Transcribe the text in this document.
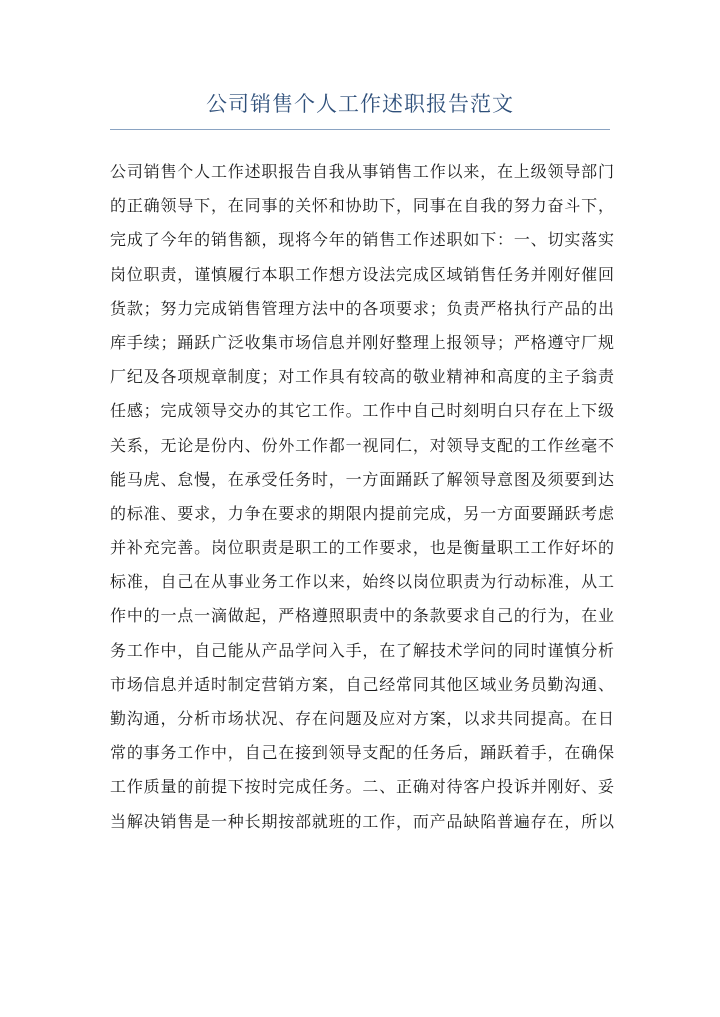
公司销售个人工作述职报告范文
公司销售个人工作述职报告自我从事销售工作以来，在上级领导部门
的正确领导下，在同事的关怀和协助下，同事在自我的努力奋斗下，
完成了今年的销售额，现将今年的销售工作述职如下：一、切实落实
岗位职责，谨慎履行本职工作想方设法完成区域销售任务并刚好催回
货款；努力完成销售管理方法中的各项要求；负责严格执行产品的出
库手续；踊跃广泛收集市场信息并刚好整理上报领导；严格遵守厂规
厂纪及各项规章制度；对工作具有较高的敬业精神和高度的主子翁责
任感；完成领导交办的其它工作。工作中自己时刻明白只存在上下级
关系，无论是份内、份外工作都一视同仁，对领导支配的工作丝毫不
能马虎、怠慢，在承受任务时，一方面踊跃了解领导意图及须要到达
的标准、要求，力争在要求的期限内提前完成，另一方面要踊跃考虑
并补充完善。岗位职责是职工的工作要求，也是衡量职工工作好坏的
标准，自己在从事业务工作以来，始终以岗位职责为行动标准，从工
作中的一点一滴做起，严格遵照职责中的条款要求自己的行为，在业
务工作中，自己能从产品学问入手，在了解技术学问的同时谨慎分析
市场信息并适时制定营销方案，自己经常同其他区域业务员勤沟通、
勤沟通，分析市场状况、存在问题及应对方案，以求共同提高。在日
常的事务工作中，自己在接到领导支配的任务后，踊跃着手，在确保
工作质量的前提下按时完成任务。二、正确对待客户投诉并刚好、妥
当解决销售是一种长期按部就班的工作，而产品缺陷普遍存在，所以
